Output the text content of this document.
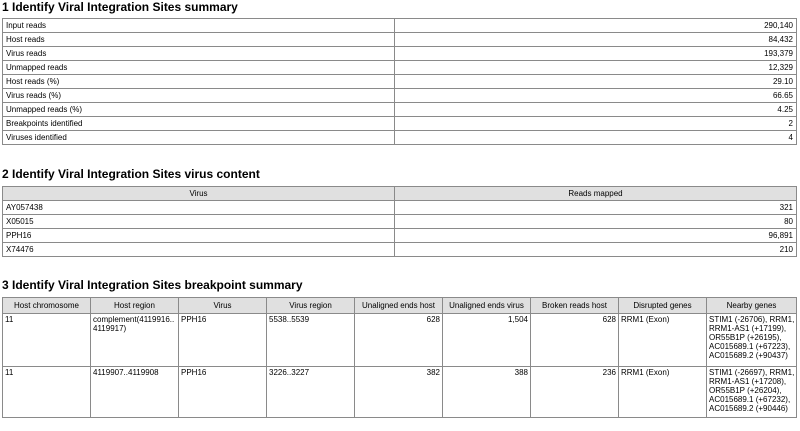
1 Identify Viral Integration Sites summary
Input reads	290,140
Host reads	84,432
Virus reads	193,379
Unmapped reads	12,329
Host reads (%)	29.10
Virus reads (%)	66.65
Unmapped reads (%)	4.25
Breakpoints identified	2
Viruses identified	4
2 Identify Viral Integration Sites virus content
Virus	Reads mapped
AY057438	321
X05015	80
PPH16	96,891
X74476	210
3 Identify Viral Integration Sites breakpoint summary
Host chromosome	Host region	Virus	Virus region	Unaligned ends host	Unaligned ends virus	Broken reads host	Disrupted genes	Nearby genes
11	complement(4119916..4119917)	PPH16	5538..5539	628	1,504	628	RRM1 (Exon)	STIM1 (-26706), RRM1,
RRM1-AS1 (+17199),
OR55B1P (+26195),
AC015689.1 (+67223),
AC015689.2 (+90437)

11	4119907..4119908	PPH16	3226..3227	382	388	236	RRM1 (Exon)	STIM1 (-26697), RRM1,
RRM1-AS1 (+17208),
OR55B1P (+26204),
AC015689.1 (+67232),
AC015689.2 (+90446)
